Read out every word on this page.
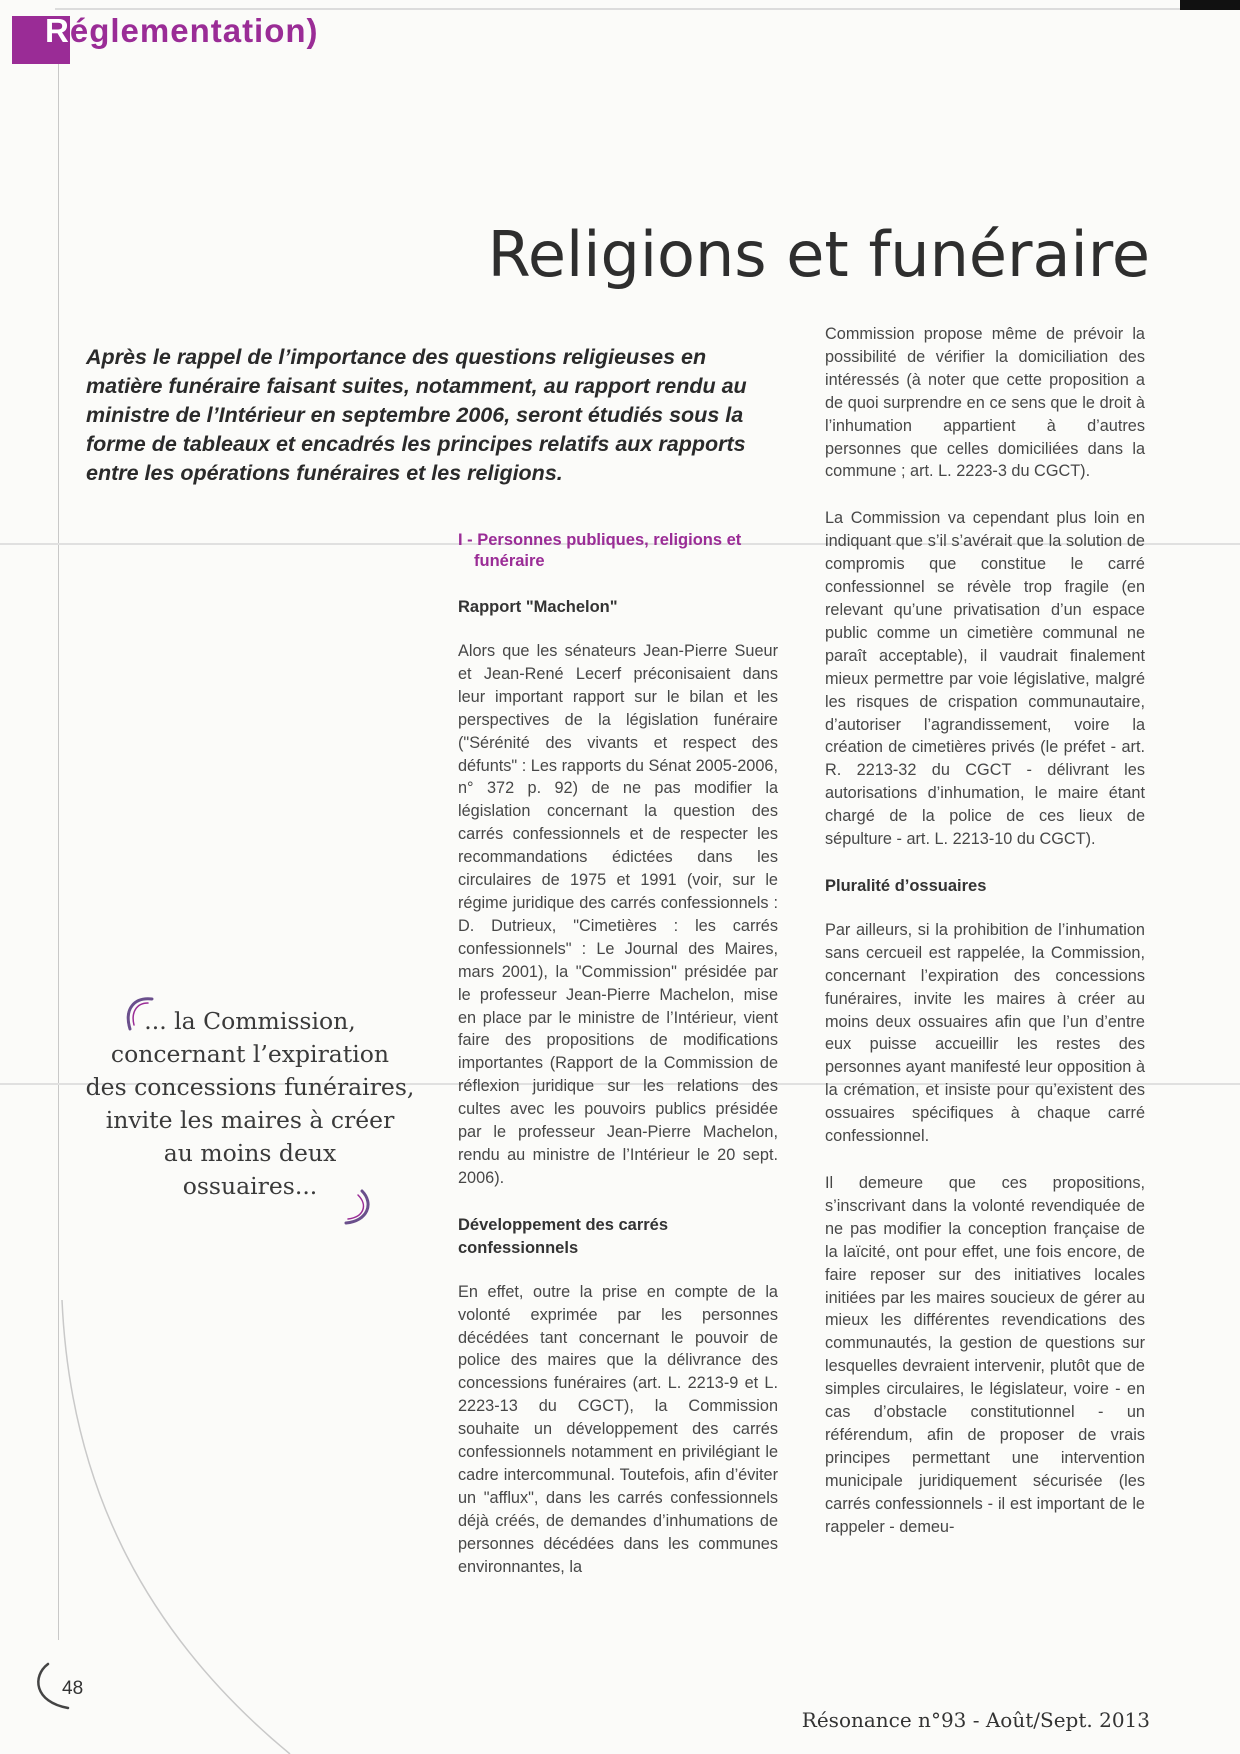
Réglementation)
Religions et funéraire
Après le rappel de l’importance des questions religieuses en matière funéraire faisant suites, notamment, au rapport rendu au ministre de l’Intérieur en septembre 2006, seront étudiés sous la forme de tableaux et encadrés les principes relatifs aux rapports entre les opérations funéraires et les religions.
... la Commission,
concernant l’expiration
des concessions funéraires,
invite les maires à créer
au moins deux
ossuaires...
I - Personnes publiques, religions et funéraire
Rapport "Machelon"

Alors que les sénateurs Jean-Pierre Sueur et Jean-René Lecerf préconisaient dans leur important rapport sur le bilan et les perspectives de la législation funéraire ("Sérénité des vivants et respect des défunts" : Les rapports du Sénat 2005-2006, n° 372 p. 92) de ne pas modifier la législation concernant la question des carrés confessionnels et de respecter les recommandations édictées dans les circulaires de 1975 et 1991 (voir, sur le régime juridique des carrés confessionnels : D. Dutrieux, "Cimetières : les carrés confessionnels" : Le Journal des Maires, mars 2001), la "Commission" présidée par le professeur Jean-Pierre Machelon, mise en place par le ministre de l’Intérieur, vient faire des propositions de modifications importantes (Rapport de la Commission de réflexion juridique sur les relations des cultes avec les pouvoirs publics présidée par le professeur Jean-Pierre Machelon, rendu au ministre de l’Intérieur le 20 sept. 2006).

Développement des carrés confessionnels

En effet, outre la prise en compte de la volonté exprimée par les personnes décédées tant concernant le pouvoir de police des maires que la délivrance des concessions funéraires (art. L. 2213-9 et L. 2223-13 du CGCT), la Commission souhaite un développement des carrés confessionnels notamment en privilégiant le cadre intercommunal. Toutefois, afin d’éviter un "afflux", dans les carrés confessionnels déjà créés, de demandes d’inhumations de personnes décédées dans les communes environnantes, la

Commission propose même de prévoir la possibilité de vérifier la domiciliation des intéressés (à noter que cette proposition a de quoi surprendre en ce sens que le droit à l’inhumation appartient à d’autres personnes que celles domiciliées dans la commune ; art. L. 2223-3 du CGCT).

La Commission va cependant plus loin en indiquant que s’il s’avérait que la solution de compromis que constitue le carré confessionnel se révèle trop fragile (en relevant qu’une privatisation d’un espace public comme un cimetière communal ne paraît acceptable), il vaudrait finalement mieux permettre par voie législative, malgré les risques de crispation communautaire, d’autoriser l’agrandissement, voire la création de cimetières privés (le préfet - art. R. 2213-32 du CGCT - délivrant les autorisations d’inhumation, le maire étant chargé de la police de ces lieux de sépulture - art. L. 2213-10 du CGCT).

Pluralité d’ossuaires

Par ailleurs, si la prohibition de l’inhumation sans cercueil est rappelée, la Commission, concernant l’expiration des concessions funéraires, invite les maires à créer au moins deux ossuaires afin que l’un d’entre eux puisse accueillir les restes des personnes ayant manifesté leur opposition à la crémation, et insiste pour qu’existent des ossuaires spécifiques à chaque carré confessionnel.

Il demeure que ces propositions, s’inscrivant dans la volonté revendiquée de ne pas modifier la conception française de la laïcité, ont pour effet, une fois encore, de faire reposer sur des initiatives locales initiées par les maires soucieux de gérer au mieux les différentes revendications des communautés, la gestion de questions sur lesquelles devraient intervenir, plutôt que de simples circulaires, le législateur, voire - en cas d’obstacle constitutionnel - un référendum, afin de proposer de vrais principes permettant une intervention municipale juridiquement sécurisée (les carrés confessionnels - il est important de le rappeler - demeu-

48
Résonance n°93 - Août/Sept. 2013
